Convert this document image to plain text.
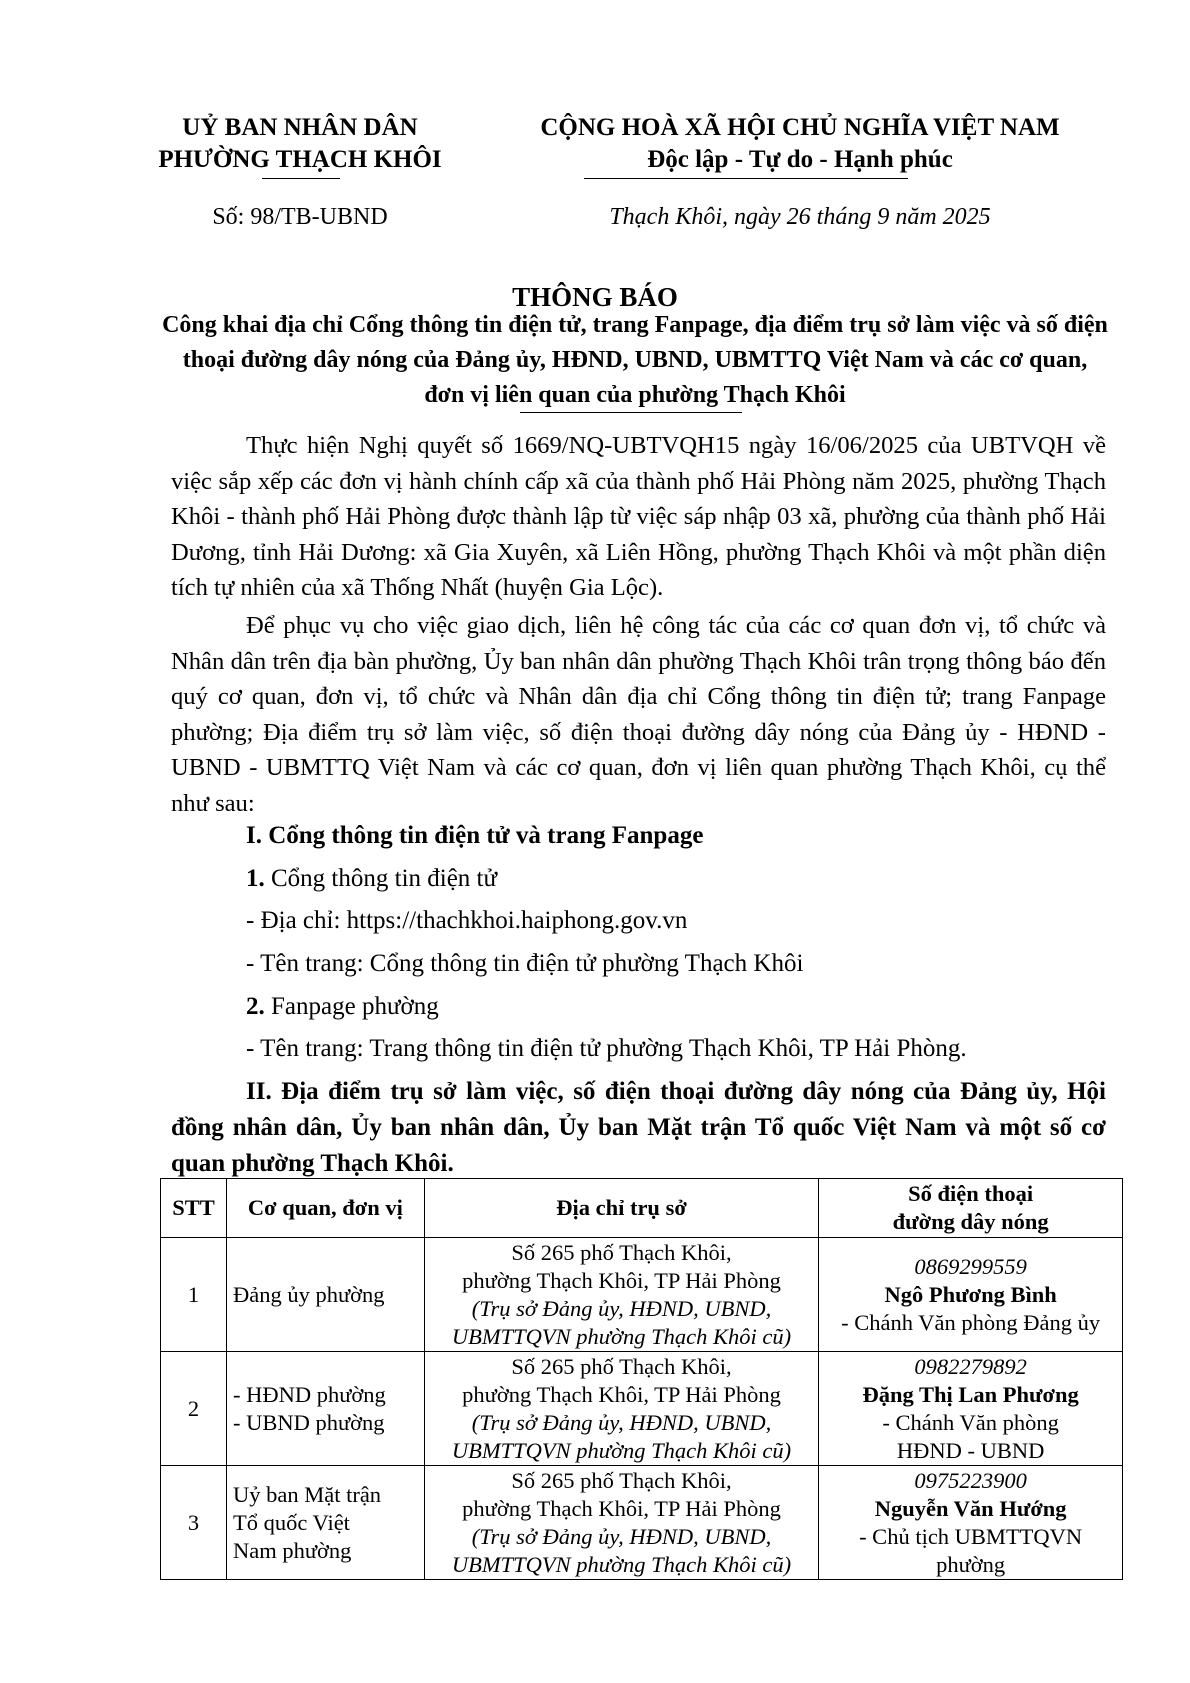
UỶ BAN NHÂN DÂN
PHƯỜNG THẠCH KHÔI
CỘNG HOÀ XÃ HỘI CHỦ NGHĨA VIỆT NAM
Độc lập - Tự do - Hạnh phúc
Số: 98/TB-UBND	Thạch Khôi, ngày 26 tháng 9 năm 2025
THÔNG BÁO
Công khai địa chỉ Cổng thông tin điện tử, trang Fanpage, địa điểm trụ sở làm việc và số điện thoại đường dây nóng của Đảng ủy, HĐND, UBND, UBMTTQ Việt Nam và các cơ quan, đơn vị liên quan của phường Thạch Khôi

Thực hiện Nghị quyết số 1669/NQ-UBTVQH15 ngày 16/06/2025 của UBTVQH về việc sắp xếp các đơn vị hành chính cấp xã của thành phố Hải Phòng năm 2025, phường Thạch Khôi - thành phố Hải Phòng được thành lập từ việc sáp nhập 03 xã, phường của thành phố Hải Dương, tỉnh Hải Dương: xã Gia Xuyên, xã Liên Hồng, phường Thạch Khôi và một phần diện tích tự nhiên của xã Thống Nhất (huyện Gia Lộc).

Để phục vụ cho việc giao dịch, liên hệ công tác của các cơ quan đơn vị, tổ chức và Nhân dân trên địa bàn phường, Ủy ban nhân dân phường Thạch Khôi trân trọng thông báo đến quý cơ quan, đơn vị, tổ chức và Nhân dân địa chỉ Cổng thông tin điện tử; trang Fanpage phường; Địa điểm trụ sở làm việc, số điện thoại đường dây nóng của Đảng ủy - HĐND - UBND - UBMTTQ Việt Nam và các cơ quan, đơn vị liên quan phường Thạch Khôi, cụ thể như sau:

I. Cổng thông tin điện tử và trang Fanpage
1. Cổng thông tin điện tử
- Địa chỉ: https://thachkhoi.haiphong.gov.vn
- Tên trang: Cổng thông tin điện tử phường Thạch Khôi
2. Fanpage phường
- Tên trang: Trang thông tin điện tử phường Thạch Khôi, TP Hải Phòng.

II. Địa điểm trụ sở làm việc, số điện thoại đường dây nóng của Đảng ủy, Hội đồng nhân dân, Ủy ban nhân dân, Ủy ban Mặt trận Tổ quốc Việt Nam và một số cơ quan phường Thạch Khôi.

STT	Cơ quan, đơn vị	Địa chỉ trụ sở	Số điện thoại
đường dây nóng

1	Đảng ủy phường	Số 265 phố Thạch Khôi,
phường Thạch Khôi, TP Hải Phòng
(Trụ sở Đảng ủy, HĐND, UBND,
UBMTTQVN phường Thạch Khôi cũ)	0869299559
Ngô Phương Bình
- Chánh Văn phòng Đảng ủy

2	- HĐND phường
- UBND phường	Số 265 phố Thạch Khôi,
phường Thạch Khôi, TP Hải Phòng
(Trụ sở Đảng ủy, HĐND, UBND,
UBMTTQVN phường Thạch Khôi cũ)	0982279892
Đặng Thị Lan Phương
- Chánh Văn phòng
HĐND - UBND

3	Uỷ ban Mặt trận
Tổ quốc Việt
Nam phường	Số 265 phố Thạch Khôi,
phường Thạch Khôi, TP Hải Phòng
(Trụ sở Đảng ủy, HĐND, UBND,
UBMTTQVN phường Thạch Khôi cũ)	0975223900
Nguyễn Văn Hướng
- Chủ tịch UBMTTQVN
phường
